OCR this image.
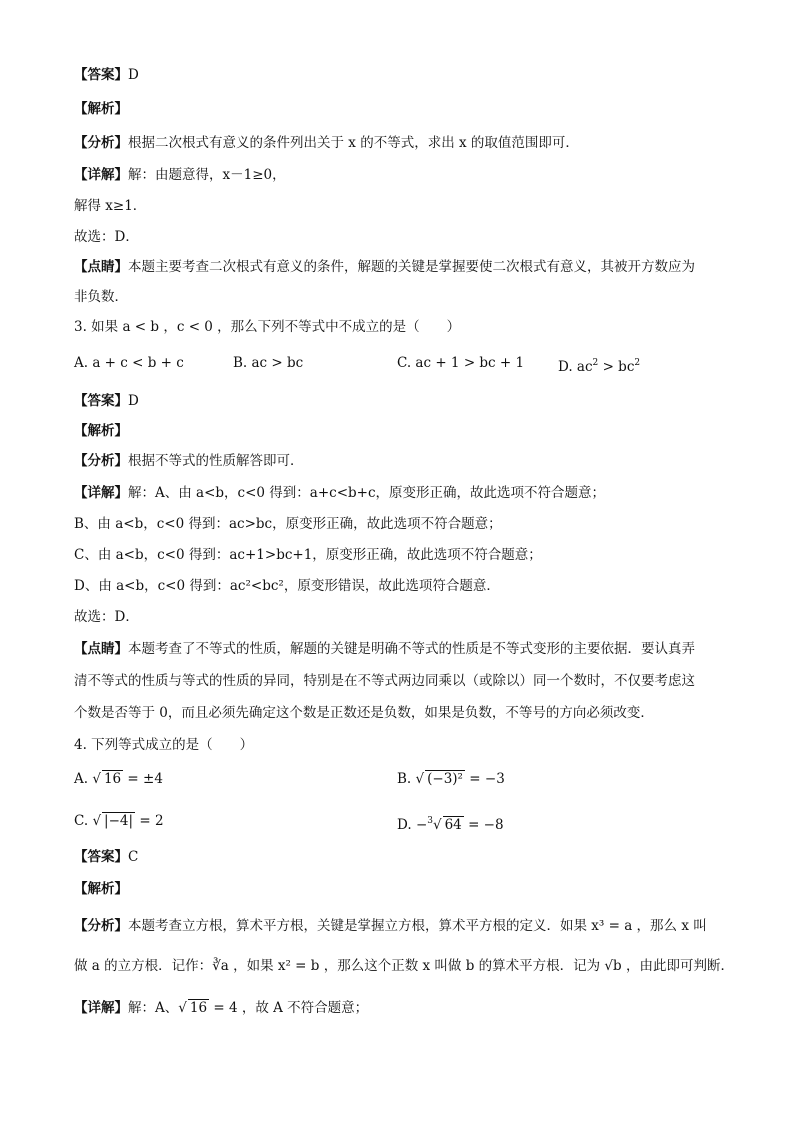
【答案】D
【解析】
【分析】根据二次根式有意义的条件列出关于 x 的不等式，求出 x 的取值范围即可．
【详解】解：由题意得，x－1≥0，
解得 x≥1．
故选：D．
【点睛】本题主要考查二次根式有意义的条件，解题的关键是掌握要使二次根式有意义，其被开方数应为
非负数．
3. 如果 a < b ，c < 0 ，那么下列不等式中不成立的是（　　）
A. a + c < b + c	B. ac > bc	C. ac + 1 > bc + 1	D. $ac^2 > bc^2$
【答案】D
【解析】
【分析】根据不等式的性质解答即可．
【详解】解：A、由 a<b，c<0 得到：a+c<b+c，原变形正确，故此选项不符合题意；
B、由 a<b，c<0 得到：ac>bc，原变形正确，故此选项不符合题意；
C、由 a<b，c<0 得到：ac+1>bc+1，原变形正确，故此选项不符合题意；
D、由 a<b，c<0 得到：ac²<bc²，原变形错误，故此选项符合题意．
故选：D．
【点睛】本题考查了不等式的性质，解题的关键是明确不等式的性质是不等式变形的主要依据．要认真弄
清不等式的性质与等式的性质的异同，特别是在不等式两边同乘以（或除以）同一个数时，不仅要考虑这
个数是否等于 0，而且必须先确定这个数是正数还是负数，如果是负数，不等号的方向必须改变．
4. 下列等式成立的是（　　）
A. √ 16 = ±4	B. √ (−3)² = −3
C. √ |−4| = 2	D. −$^3$√ 64 = −8
【答案】C
【解析】
【分析】本题考查立方根，算术平方根，关键是掌握立方根，算术平方根的定义．如果 x³ = a ，那么 x 叫
做 a 的立方根．记作：∛a ，如果 x² = b ，那么这个正数 x 叫做 b 的算术平方根．记为 √b ，由此即可判断．
【详解】解：A、√ 16 = 4 ，故 A 不符合题意；
